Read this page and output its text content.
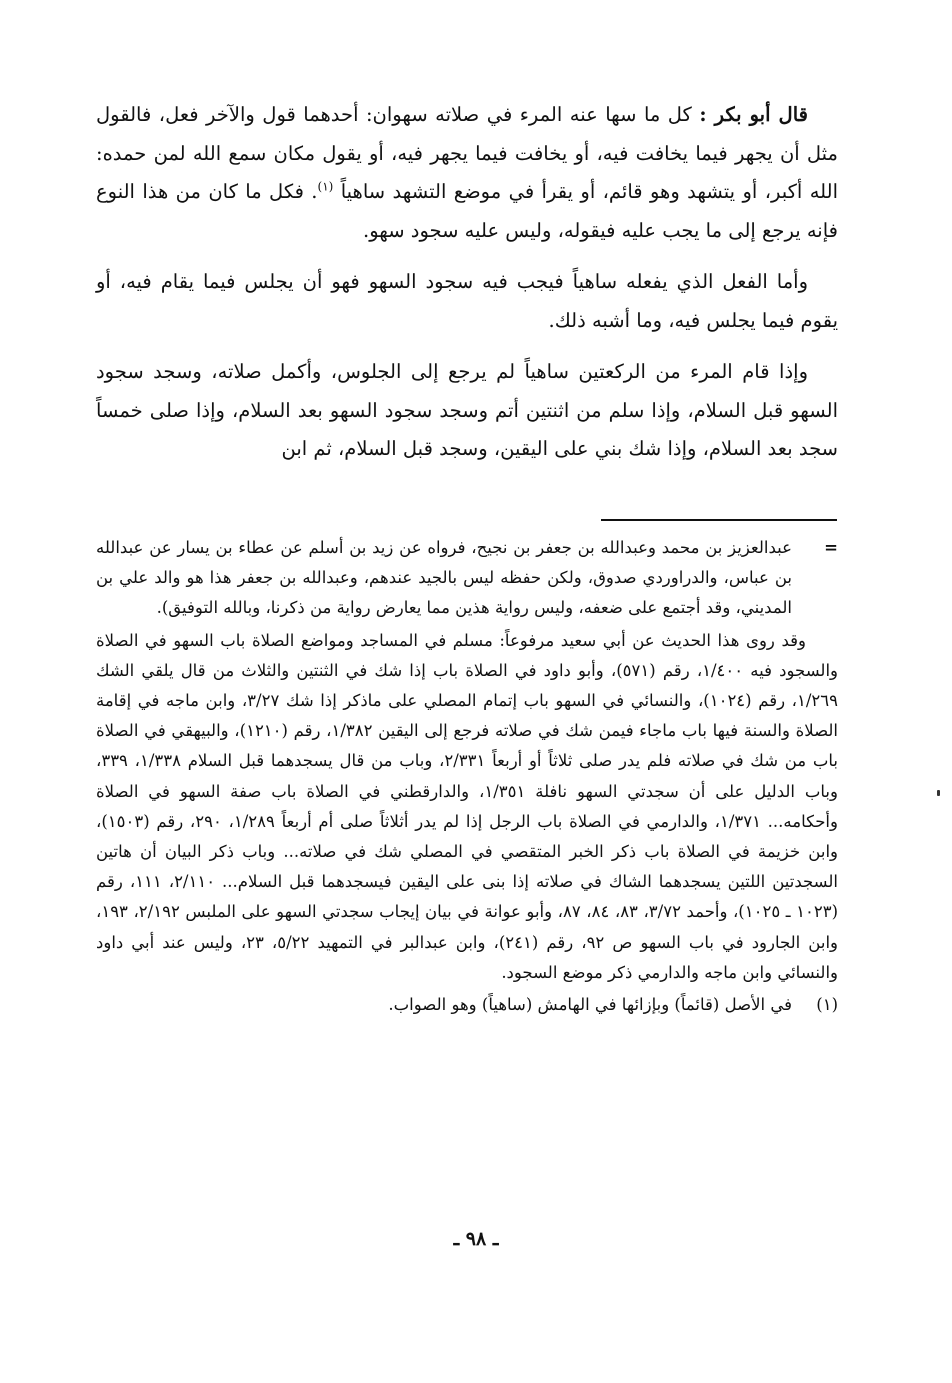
قال أبو بكر : كل ما سها عنه المرء في صلاته سهوان: أحدهما قول والآخر فعل، فالقول مثل أن يجهر فيما يخافت فيه، أو يخافت فيما يجهر فيه، أو يقول مكان سمع الله لمن حمده: الله أكبر، أو يتشهد وهو قائم، أو يقرأ في موضع التشهد ساهياً $^{(١)}$. فكل ما كان من هذا النوع فإنه يرجع إلى ما يجب عليه فيقوله، وليس عليه سجود سهو.

وأما الفعل الذي يفعله ساهياً فيجب فيه سجود السهو فهو أن يجلس فيما يقام فيه، أو يقوم فيما يجلس فيه، وما أشبه ذلك.

وإذا قام المرء من الركعتين ساهياً لم يرجع إلى الجلوس، وأكمل صلاته، وسجد سجود السهو قبل السلام، وإذا سلم من اثنتين أتم وسجد سجود السهو بعد السلام، وإذا صلى خمساً سجد بعد السلام، وإذا شك بني على اليقين، وسجد قبل السلام، ثم ابن

=
عبدالعزيز بن محمد وعبدالله بن جعفر بن نجيح، فرواه عن زيد بن أسلم عن عطاء بن يسار عن عبدالله بن عباس، والدراوردي صدوق، ولكن حفظه ليس بالجيد عندهم، وعبدالله بن جعفر هذا هو والد علي بن المديني، وقد أجتمع على ضعفه، وليس رواية هذين مما يعارض رواية من ذكرنا، وبالله التوفيق).
وقد روى هذا الحديث عن أبي سعيد مرفوعاً: مسلم في المساجد ومواضع الصلاة باب السهو في الصلاة والسجود فيه ١/٤٠٠، رقم (٥٧١)، وأبو داود في الصلاة باب إذا شك في الثنتين والثلاث من قال يلقي الشك ١/٢٦٩، رقم (١٠٢٤)، والنسائي في السهو باب إتمام المصلي على ماذكر إذا شك ٣/٢٧، وابن ماجه في إقامة الصلاة والسنة فيها باب ماجاء فيمن شك في صلاته فرجع إلى اليقين ١/٣٨٢، رقم (١٢١٠)، والبيهقي في الصلاة باب من شك في صلاته فلم يدر صلى ثلاثاً أو أربعاً ٢/٣٣١، وباب من قال يسجدهما قبل السلام ١/٣٣٨، ٣٣٩، وباب الدليل على أن سجدتي السهو نافلة ١/٣٥١، والدارقطني في الصلاة باب صفة السهو في الصلاة وأحكامه... ١/٣٧١، والدارمي في الصلاة باب الرجل إذا لم يدر أثلاثاً صلى أم أربعاً ١/٢٨٩، ٢٩٠، رقم (١٥٠٣)، وابن خزيمة في الصلاة باب ذكر الخبر المتقصي في المصلي شك في صلاته... وباب ذكر البيان أن هاتين السجدتين اللتين يسجدهما الشاك في صلاته إذا بنى على اليقين فيسجدهما قبل السلام... ٢/١١٠، ١١١، رقم (١٠٢٣ ـ ١٠٢٥)، وأحمد ٣/٧٢، ٨٣، ٨٤، ٨٧، وأبو عوانة في بيان إيجاب سجدتي السهو على الملبس ٢/١٩٢، ١٩٣، وابن الجارود في باب السهو ص ٩٢، رقم (٢٤١)، وابن عبدالبر في التمهيد ٥/٢٢، ٢٣، وليس عند أبي داود والنسائي وابن ماجه والدارمي ذكر موضع السجود.
(١)
في الأصل (قائماً) وبإزائها في الهامش (ساهياً) وهو الصواب.
ـ ٩٨ ـ
